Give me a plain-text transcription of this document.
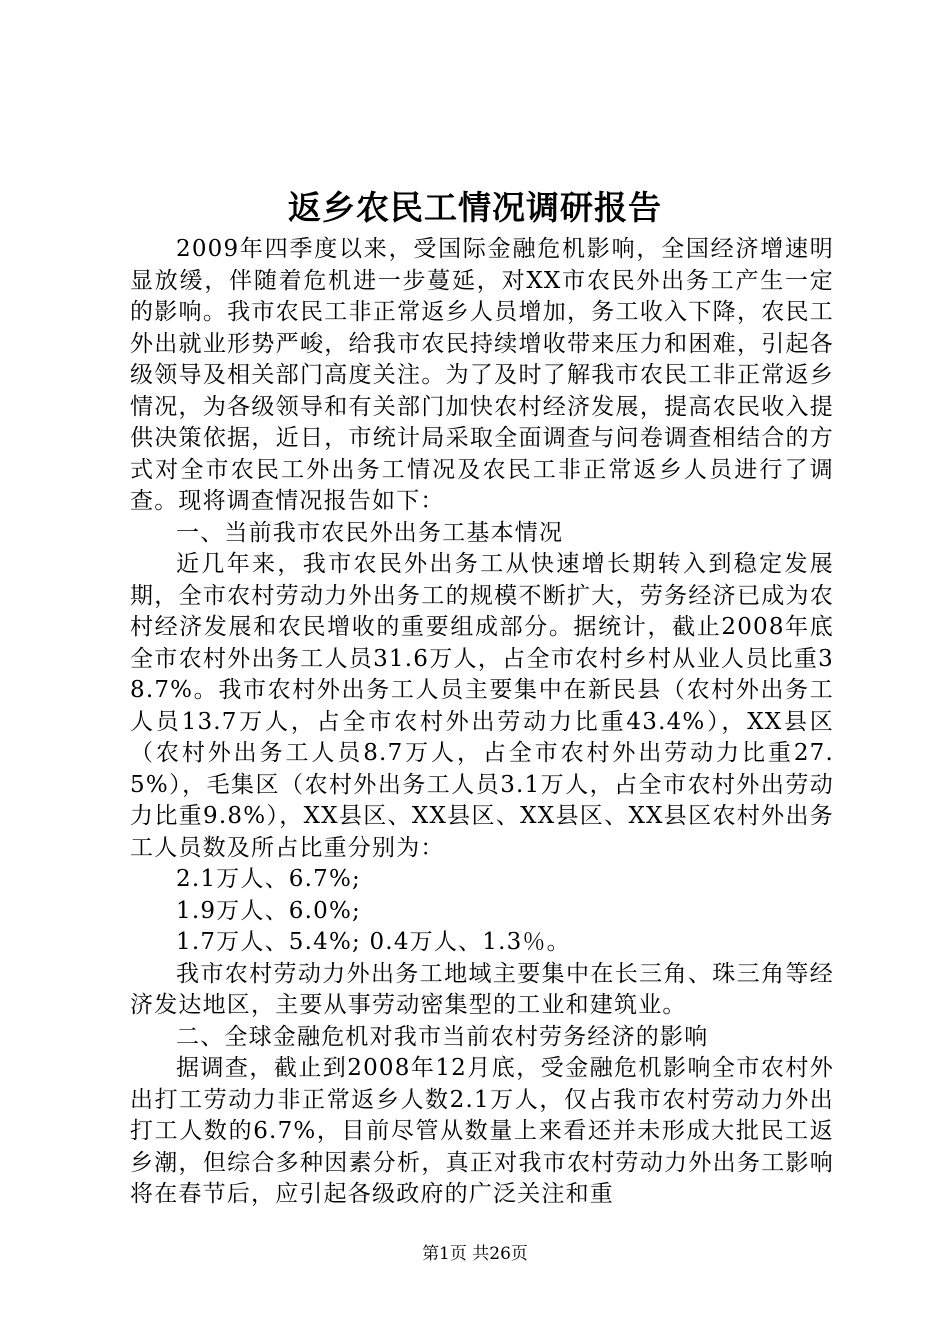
返乡农民工情况调研报告

2009年四季度以来，受国际金融危机影响，全国经济增速明显放缓，伴随着危机进一步蔓延，对XX市农民外出务工产生一定的影响。我市农民工非正常返乡人员增加，务工收入下降，农民工外出就业形势严峻，给我市农民持续增收带来压力和困难，引起各级领导及相关部门高度关注。为了及时了解我市农民工非正常返乡情况，为各级领导和有关部门加快农村经济发展，提高农民收入提供决策依据，近日，市统计局采取全面调查与问卷调查相结合的方式对全市农民工外出务工情况及农民工非正常返乡人员进行了调查。现将调查情况报告如下：

一、当前我市农民外出务工基本情况

近几年来，我市农民外出务工从快速增长期转入到稳定发展期，全市农村劳动力外出务工的规模不断扩大，劳务经济已成为农村经济发展和农民增收的重要组成部分。据统计，截止2008年底全市农村外出务工人员31.6万人，占全市农村乡村从业人员比重38.7%。我市农村外出务工人员主要集中在新民县（农村外出务工人员13.7万人，占全市农村外出劳动力比重43.4%），XX县区（农村外出务工人员8.7万人，占全市农村外出劳动力比重27.5%），毛集区（农村外出务工人员3.1万人，占全市农村外出劳动力比重9.8%），XX县区、XX县区、XX县区、XX县区农村外出务工人员数及所占比重分别为：

2.1万人、6.7%;

1.9万人、6.0%;

1.7万人、5.4%; 0.4万人、1.3％。

我市农村劳动力外出务工地域主要集中在长三角、珠三角等经济发达地区，主要从事劳动密集型的工业和建筑业。

二、全球金融危机对我市当前农村劳务经济的影响

据调查，截止到2008年12月底，受金融危机影响全市农村外出打工劳动力非正常返乡人数2.1万人，仅占我市农村劳动力外出打工人数的6.7%，目前尽管从数量上来看还并未形成大批民工返乡潮，但综合多种因素分析，真正对我市农村劳动力外出务工影响将在春节后，应引起各级政府的广泛关注和重

第1页 共26页
